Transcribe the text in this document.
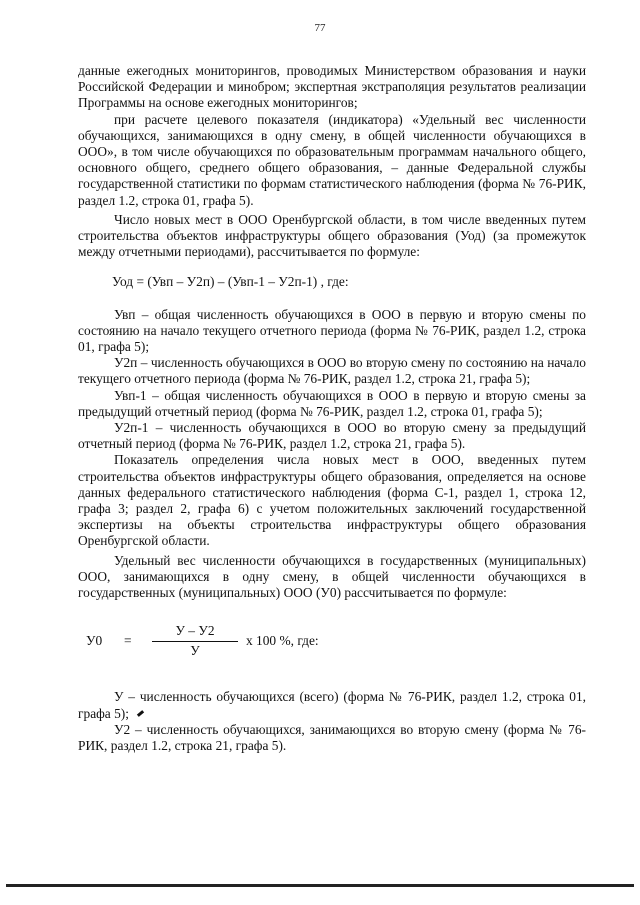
77

данные ежегодных мониторингов, проводимых Министерством образования и науки Российской Федерации и минобром; экспертная экстраполяция результатов реализации Программы на основе ежегодных мониторингов;

при расчете целевого показателя (индикатора) «Удельный вес численности обучающихся, занимающихся в одну смену, в общей численности обучающихся в ООО», в том числе обучающихся по образовательным программам начального общего, основного общего, среднего общего образования, – данные Федеральной службы государственной статистики по формам статистического наблюдения (форма № 76-РИК, раздел 1.2, строка 01, графа 5).

Число новых мест в ООО Оренбургской области, в том числе введенных путем строительства объектов инфраструктуры общего образования (Уод) (за промежуток между отчетными периодами), рассчитывается по формуле:

Уод = (Увп – У2п) – (Увп-1 – У2п-1) , где:

Увп – общая численность обучающихся в ООО в первую и вторую смены по состоянию на начало текущего отчетного периода (форма № 76-РИК, раздел 1.2, строка 01, графа 5);

У2п – численность обучающихся в ООО во вторую смену по состоянию на начало текущего отчетного периода (форма № 76-РИК, раздел 1.2, строка 21, графа 5);

Увп-1 – общая численность обучающихся в ООО в первую и вторую смены за предыдущий отчетный период (форма № 76-РИК, раздел 1.2, строка 01, графа 5);

У2п-1 – численность обучающихся в ООО во вторую смену за предыдущий отчетный период (форма № 76-РИК, раздел 1.2, строка 21, графа 5).

Показатель определения числа новых мест в ООО, введенных путем строительства объектов инфраструктуры общего образования, определяется на основе данных федерального статистического наблюдения (форма С-1, раздел 1, строка 12, графа 3; раздел 2, графа 6) с учетом положительных заключений государственной экспертизы на объекты строительства инфраструктуры общего образования Оренбургской области.

Удельный вес численности обучающихся в государственных (муниципальных) ООО, занимающихся в одну смену, в общей численности обучающихся в государственных (муниципальных) ООО (У0) рассчитывается по формуле:

У0 =
У – У2
У
х 100 %, где:

У – численность обучающихся (всего) (форма № 76-РИК, раздел 1.2, строка 01, графа 5);

У2 – численность обучающихся, занимающихся во вторую смену (форма № 76-РИК, раздел 1.2, строка 21, графа 5).
